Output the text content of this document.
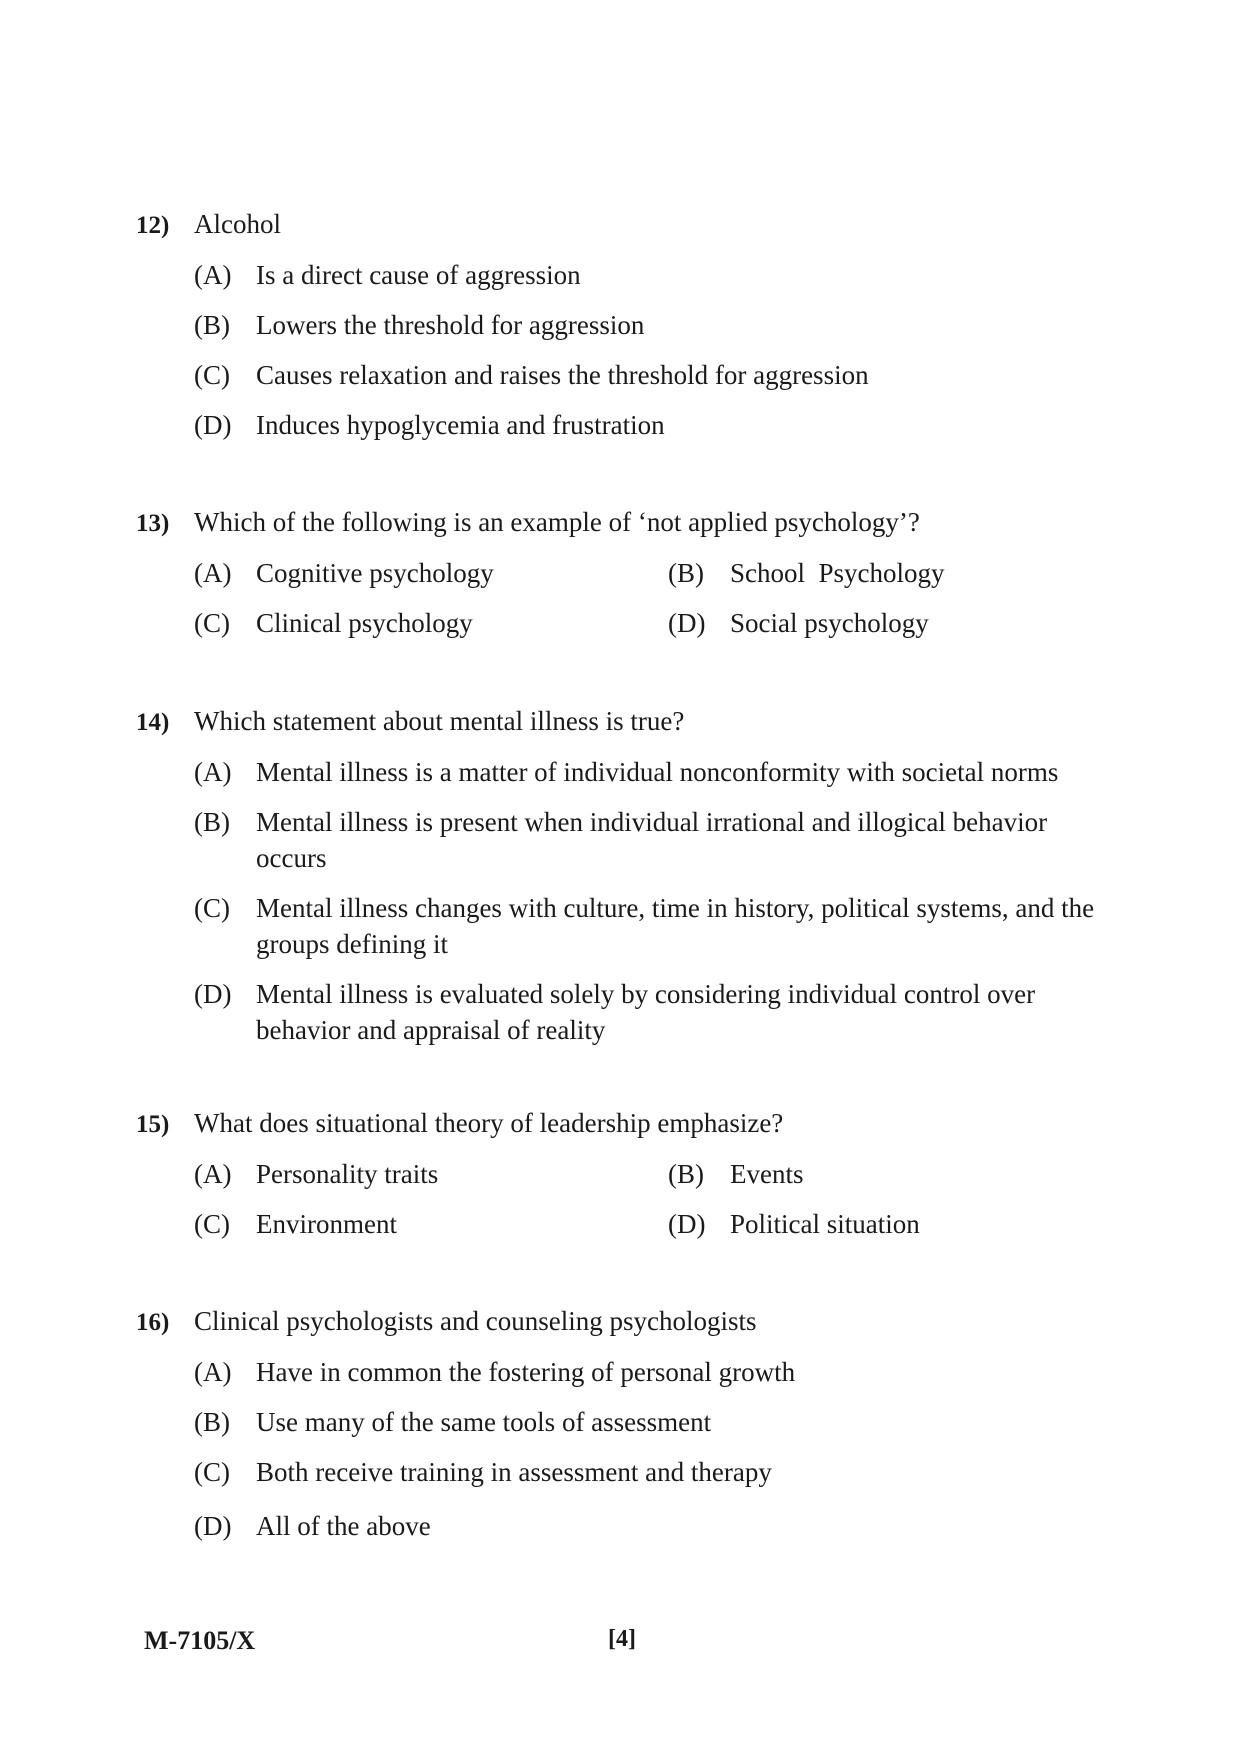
12) Alcohol
(A) Is a direct cause of aggression
(B) Lowers the threshold for aggression
(C) Causes relaxation and raises the threshold for aggression
(D) Induces hypoglycemia and frustration
13) Which of the following is an example of ‘not applied psychology’?
(A) Cognitive psychology	(B) School  Psychology
(C) Clinical psychology	(D) Social psychology
14) Which statement about mental illness is true?
(A) Mental illness is a matter of individual nonconformity with societal norms
(B) Mental illness is present when individual irrational and illogical behavior occurs
(C) Mental illness changes with culture, time in history, political systems, and the groups defining it
(D) Mental illness is evaluated solely by considering individual control over behavior and appraisal of reality
15) What does situational theory of leadership emphasize?
(A) Personality traits	(B) Events
(C) Environment	(D) Political situation
16) Clinical psychologists and counseling psychologists
(A) Have in common the fostering of personal growth
(B) Use many of the same tools of assessment
(C) Both receive training in assessment and therapy
(D) All of the above
M-7105/X	[4]
